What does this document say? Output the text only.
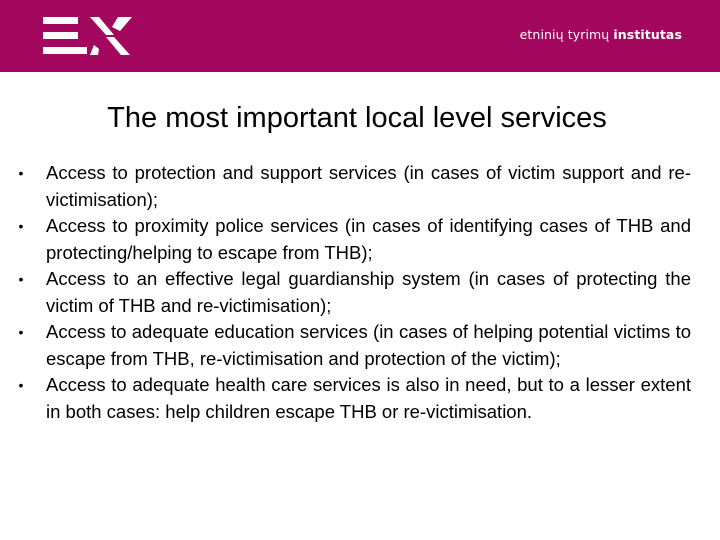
etninių tyrimų institutas
The most important local level services
• Access to protection and support services (in cases of victim support and re-victimisation);
• Access to proximity police services (in cases of identifying cases of THB and protecting/helping to escape from THB);
• Access to an effective legal guardianship system (in cases of protecting the victim of THB and re-victimisation);
• Access to adequate education services (in cases of helping potential victims to escape from THB, re-victimisation and protection of the victim);
• Access to adequate health care services is also in need, but to a lesser extent in both cases: help children escape THB or re-victimisation.
